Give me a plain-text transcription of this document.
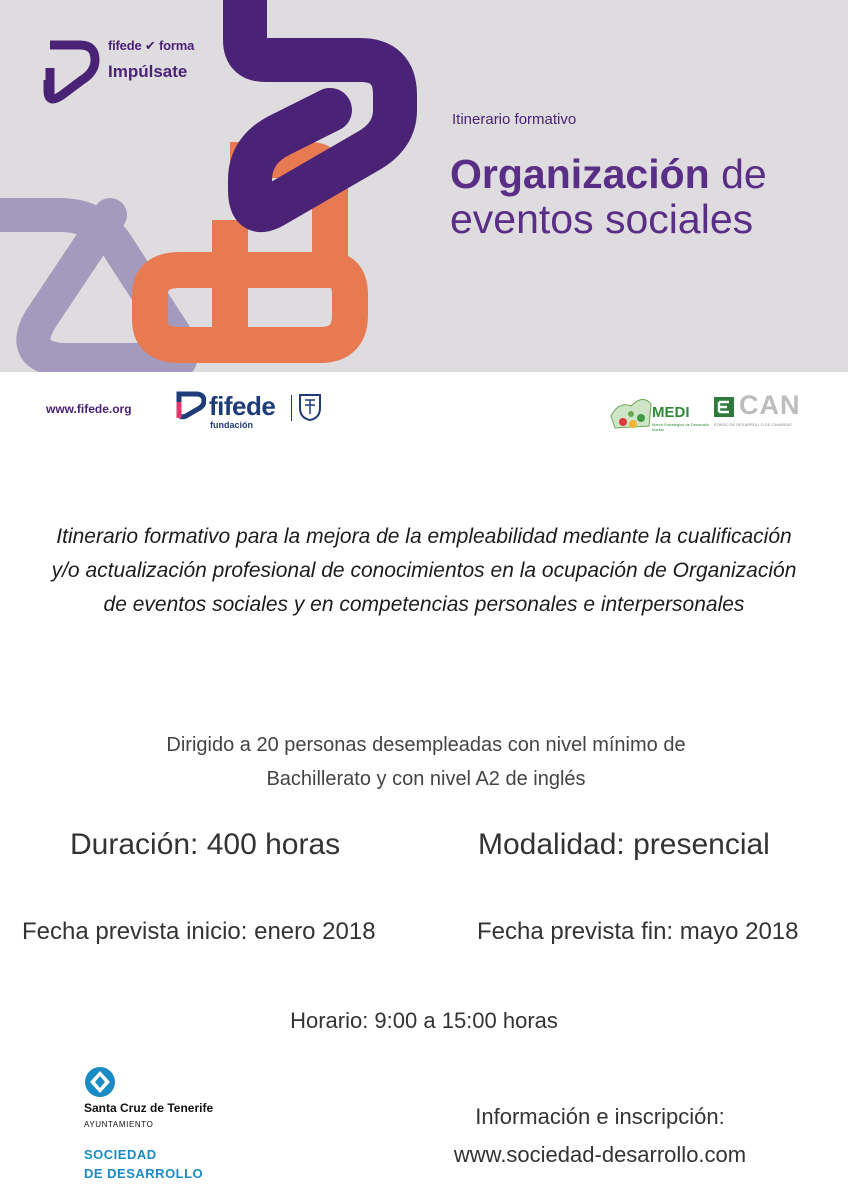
fifede ✔ forma
Impúlsate
Itinerario formativo
Organización de
eventos sociales
www.fifede.org	fifede
fundación
MEDI
Marco Estratégico de Desarrollo Insular
CAN
FONDO DE DESARROLLO DE CANARIAS
Itinerario formativo para la mejora de la empleabilidad mediante la cualificación y/o actualización profesional de conocimientos en la ocupación de Organización de eventos sociales y en competencias personales e interpersonales
Dirigido a 20 personas desempleadas con nivel mínimo de
Bachillerato y con nivel A2 de inglés
Duración: 400 horas	Modalidad: presencial
Fecha prevista inicio: enero 2018	Fecha prevista fin: mayo 2018
Horario: 9:00 a 15:00 horas
Santa Cruz de Tenerife
AYUNTAMIENTO
SOCIEDAD
DE DESARROLLO
Información e inscripción:
www.sociedad-desarrollo.com
